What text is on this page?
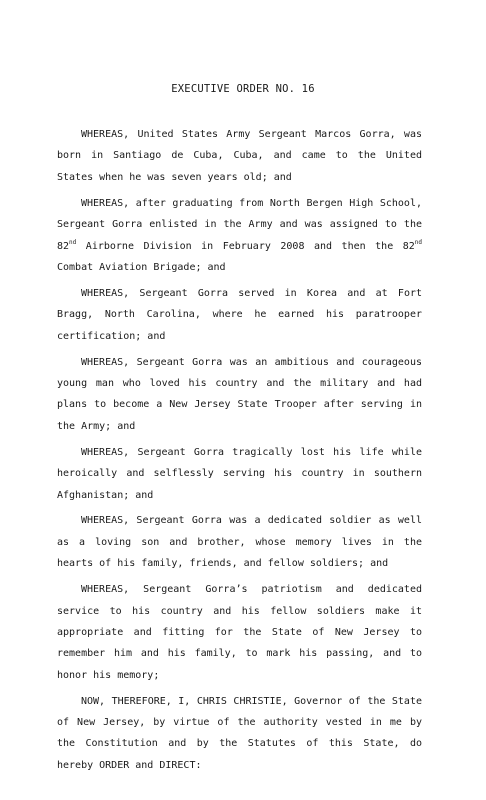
EXECUTIVE ORDER NO. 16

WHEREAS, United States Army Sergeant Marcos Gorra, was born in Santiago de Cuba, Cuba, and came to the United States when he was seven years old; and

WHEREAS, after graduating from North Bergen High School, Sergeant Gorra enlisted in the Army and was assigned to the 82nd Airborne Division in February 2008 and then the 82nd Combat Aviation Brigade; and

WHEREAS, Sergeant Gorra served in Korea and at Fort Bragg, North Carolina, where he earned his paratrooper certification; and

WHEREAS, Sergeant Gorra was an ambitious and courageous young man who loved his country and the military and had plans to become a New Jersey State Trooper after serving in the Army; and

WHEREAS, Sergeant Gorra tragically lost his life while heroically and selflessly serving his country in southern Afghanistan; and

WHEREAS, Sergeant Gorra was a dedicated soldier as well as a loving son and brother, whose memory lives in the hearts of his family, friends, and fellow soldiers; and

WHEREAS, Sergeant Gorra’s patriotism and dedicated service to his country and his fellow soldiers make it appropriate and fitting for the State of New Jersey to remember him and his family, to mark his passing, and to honor his memory;

NOW, THEREFORE, I, CHRIS CHRISTIE, Governor of the State of New Jersey, by virtue of the authority vested in me by the Constitution and by the Statutes of this State, do hereby ORDER and DIRECT:
